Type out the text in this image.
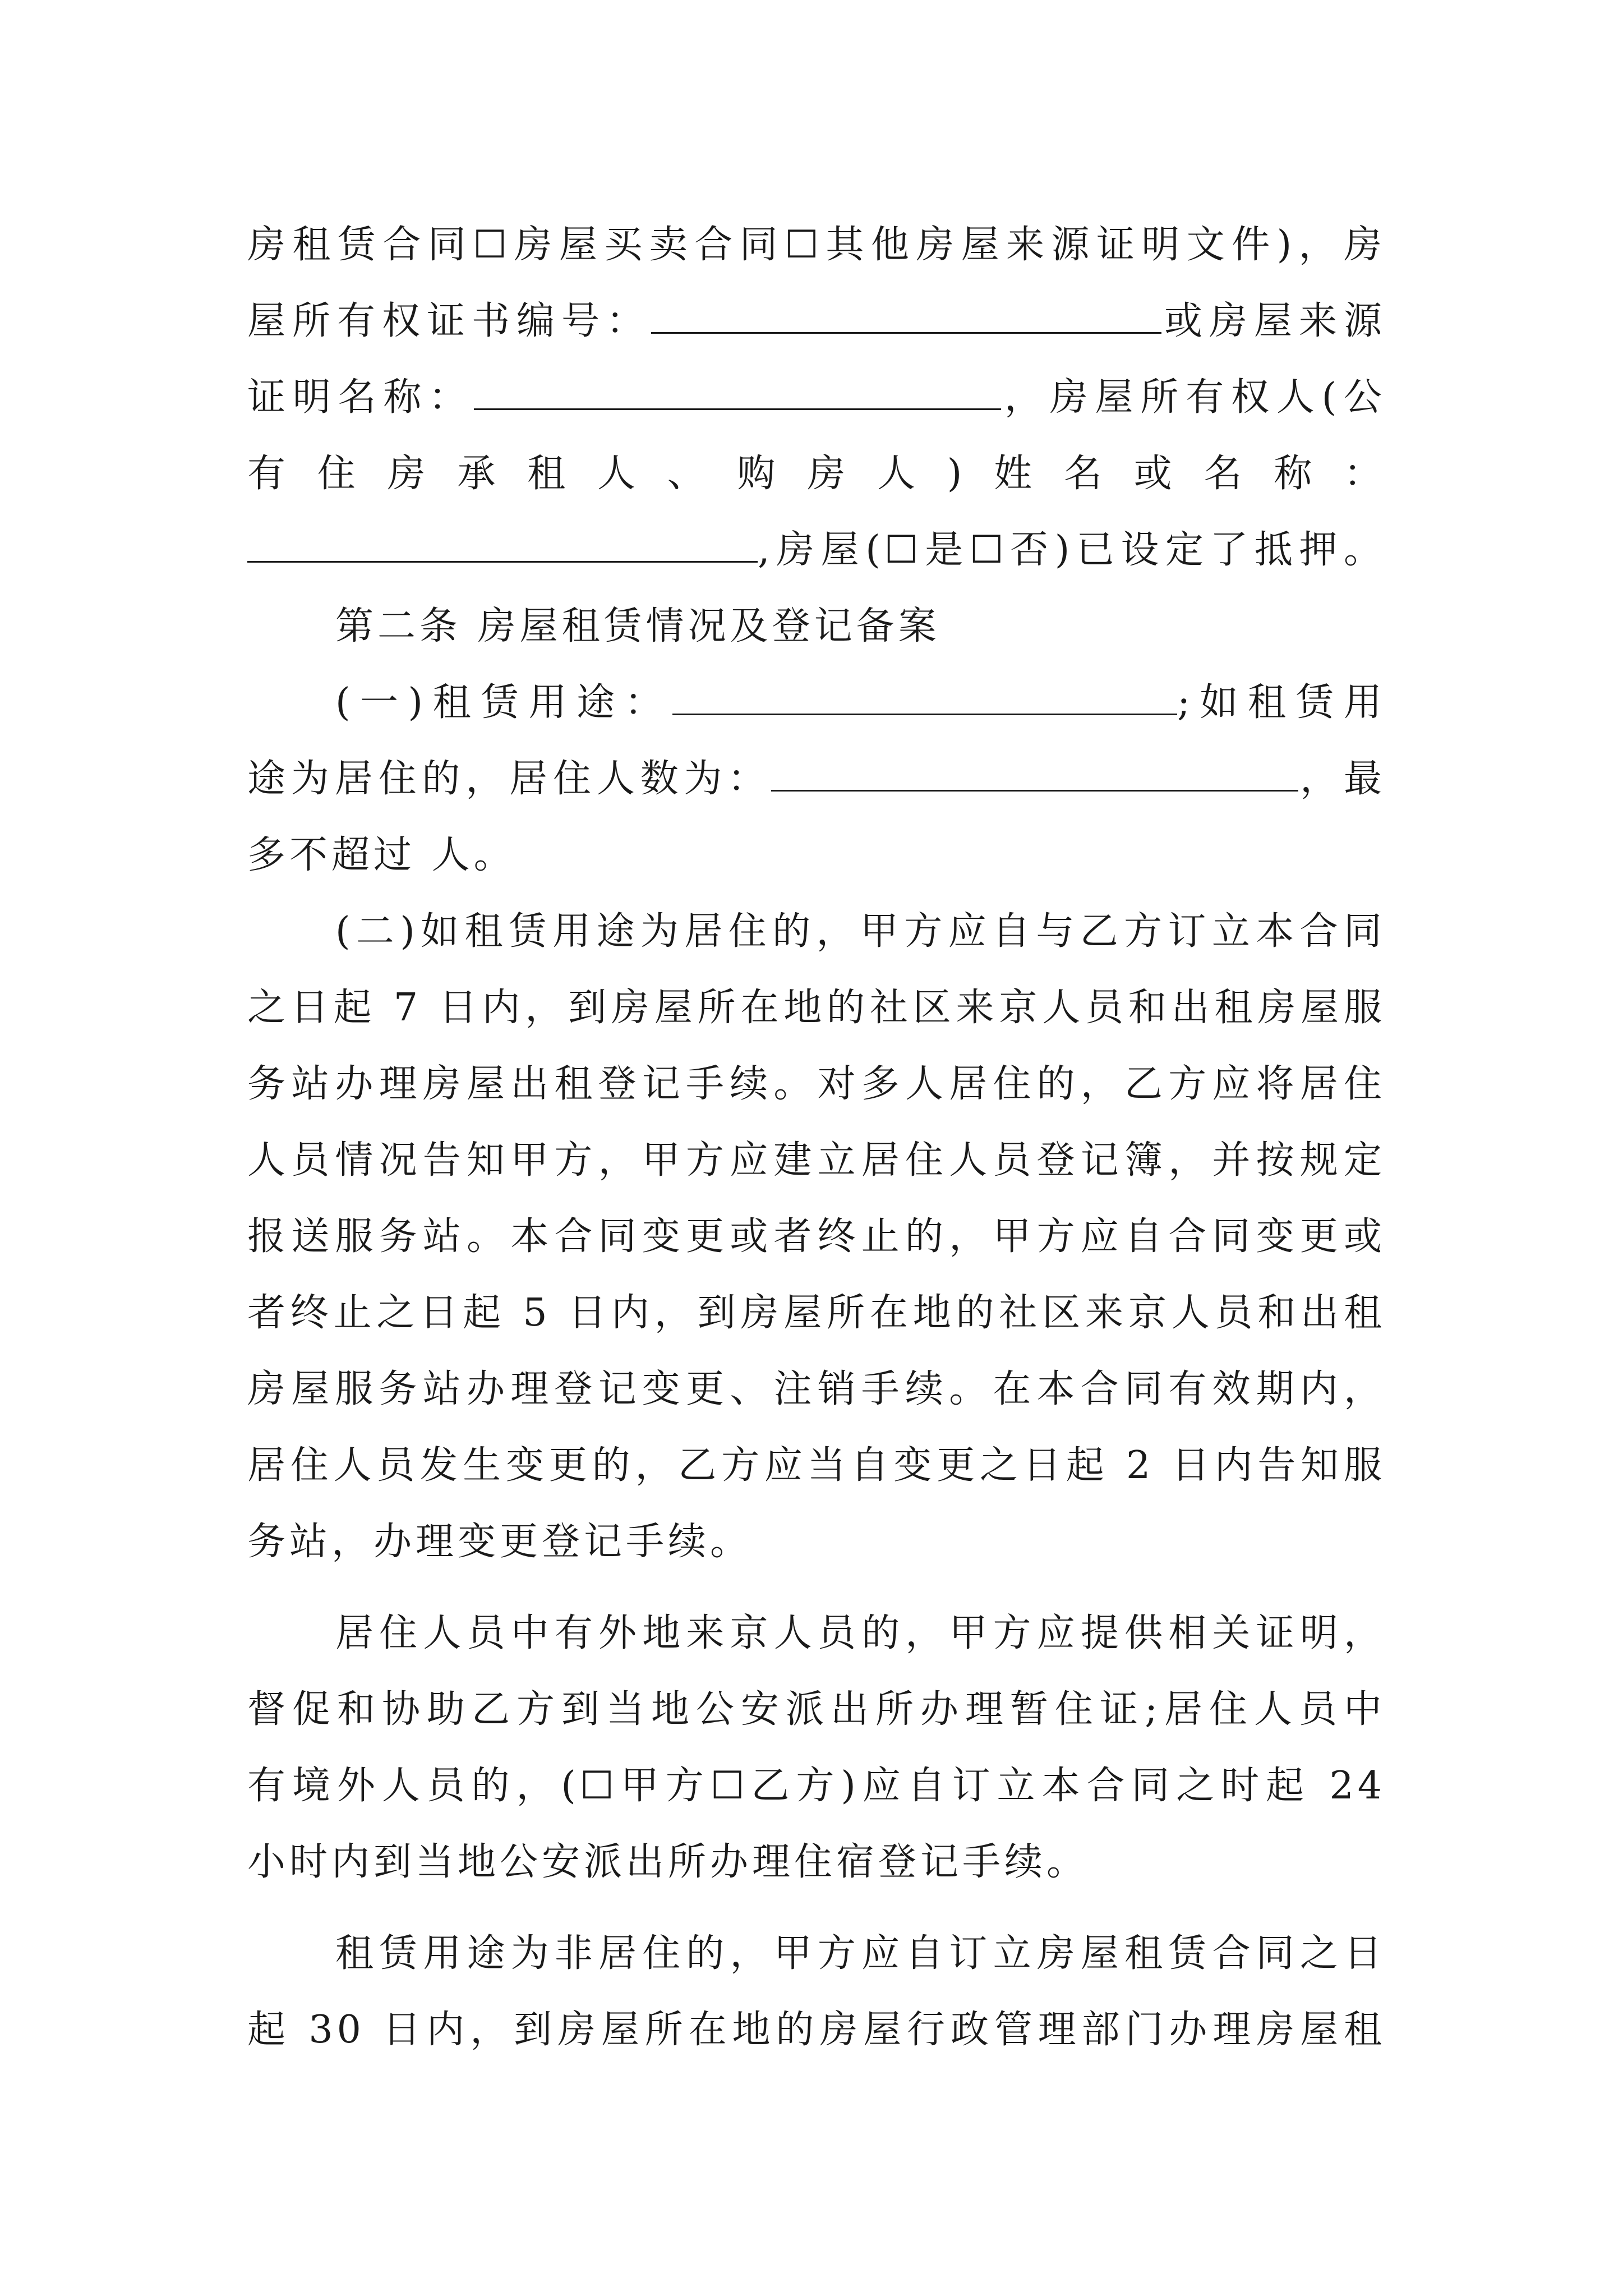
房租赁合同☐房屋买卖合同☐其他房屋来源证明文件)，房
屋所有权证书编号：	或房屋来源
证明名称：	，房屋所有权人(公
有住房承租人、购房人)姓名或名称：
,房屋(☐是☐否)已设定了抵押。
第二条 房屋租赁情况及登记备案
(一)租赁用途：	;如租赁用
途为居住的，居住人数为：	，最
多不超过 人。
(二)如租赁用途为居住的，甲方应自与乙方订立本合同
之日起 7 日内，到房屋所在地的社区来京人员和出租房屋服
务站办理房屋出租登记手续。对多人居住的，乙方应将居住
人员情况告知甲方，甲方应建立居住人员登记簿，并按规定
报送服务站。本合同变更或者终止的，甲方应自合同变更或
者终止之日起 5 日内，到房屋所在地的社区来京人员和出租
房屋服务站办理登记变更、注销手续。在本合同有效期内，
居住人员发生变更的，乙方应当自变更之日起 2 日内告知服
务站，办理变更登记手续。
居住人员中有外地来京人员的，甲方应提供相关证明，
督促和协助乙方到当地公安派出所办理暂住证;居住人员中
有境外人员的，(☐甲方☐乙方)应自订立本合同之时起 24
小时内到当地公安派出所办理住宿登记手续。
租赁用途为非居住的，甲方应自订立房屋租赁合同之日
起 30 日内，到房屋所在地的房屋行政管理部门办理房屋租
